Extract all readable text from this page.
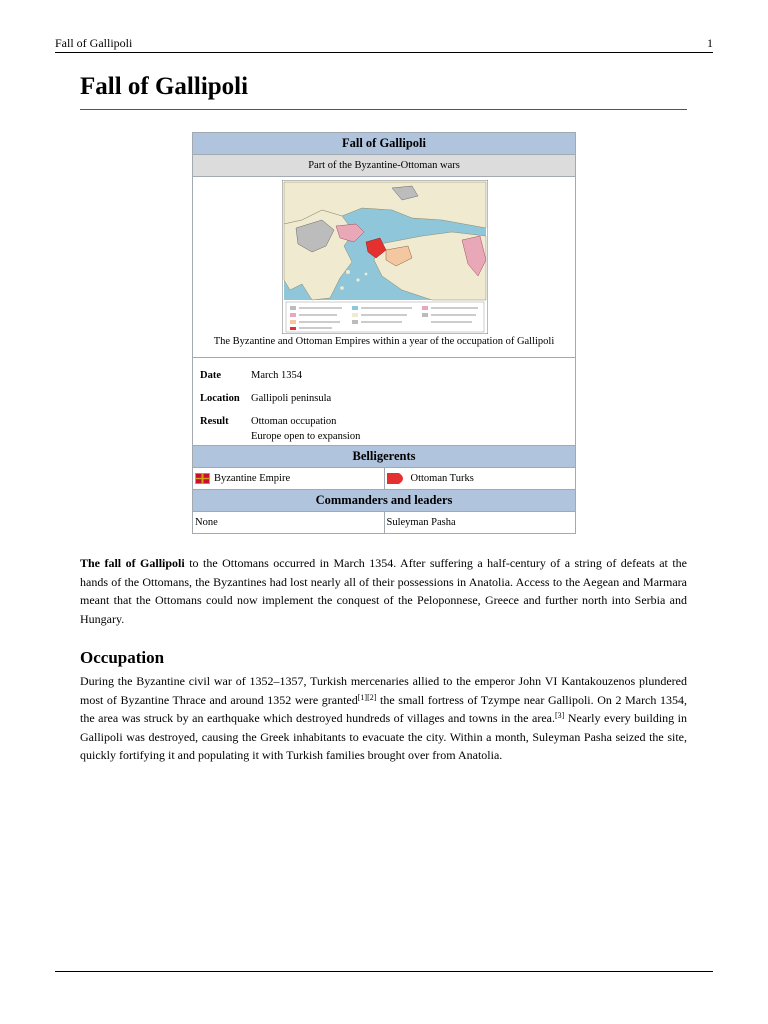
Fall of Gallipoli	1
Fall of Gallipoli
Fall of Gallipoli
Part of the Byzantine-Ottoman wars
The Byzantine and Ottoman Empires within a year of the occupation of Gallipoli
Date	March 1354
Location	Gallipoli peninsula
Result	Ottoman occupation
Europe open to expansion
Belligerents
Byzantine Empire	Ottoman Turks
Commanders and leaders
None	Suleyman Pasha

The fall of Gallipoli to the Ottomans occurred in March 1354. After suffering a half-century of a string of defeats at the hands of the Ottomans, the Byzantines had lost nearly all of their possessions in Anatolia. Access to the Aegean and Marmara meant that the Ottomans could now implement the conquest of the Peloponnese, Greece and further north into Serbia and Hungary.

Occupation

During the Byzantine civil war of 1352–1357, Turkish mercenaries allied to the emperor John VI Kantakouzenos plundered most of Byzantine Thrace and around 1352 were granted[1][2] the small fortress of Tzympe near Gallipoli. On 2 March 1354, the area was struck by an earthquake which destroyed hundreds of villages and towns in the area.[3] Nearly every building in Gallipoli was destroyed, causing the Greek inhabitants to evacuate the city. Within a month, Suleyman Pasha seized the site, quickly fortifying it and populating it with Turkish families brought over from Anatolia.
